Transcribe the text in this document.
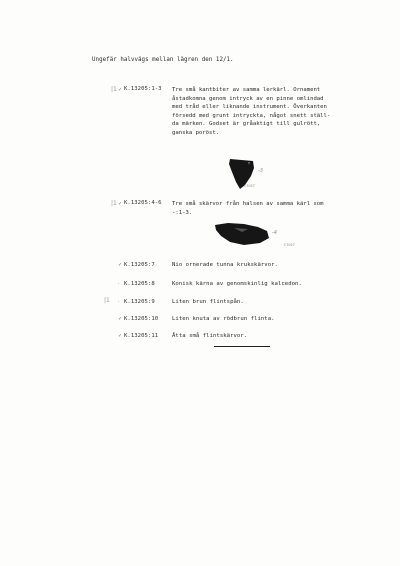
Ungefär halvvägs mellan lägren den 12/1.
|1 ✓ K.13205:1-3 Tre små kantbiter av samma lerkärl. Ornament
åstadkomna genom intryck av en pinne omlindad
med tråd eller liknande instrument. Överkanten
försedd med grunt intryckta, något snett ställ-
da märken. Godset är gråaktigt till gulrött,
ganska poröst.
-3
F.3057
|1 ✓ K.13205:4-6 Tre små skärvor från halsen av samma kärl som
-:1-3.
-4
F.3057
✓ K.13205:7	Nio ornerade tunna krukskärvor.
· K.13205:8	Konisk kärna av genomskinlig kalcedon.
|1 · K.13205:9	Liten brun flintspån.
✓ K.13205:10 Liten knuta av rödbrun flinta.
✓ K.13205:11 Åtta små flintskärvor.
